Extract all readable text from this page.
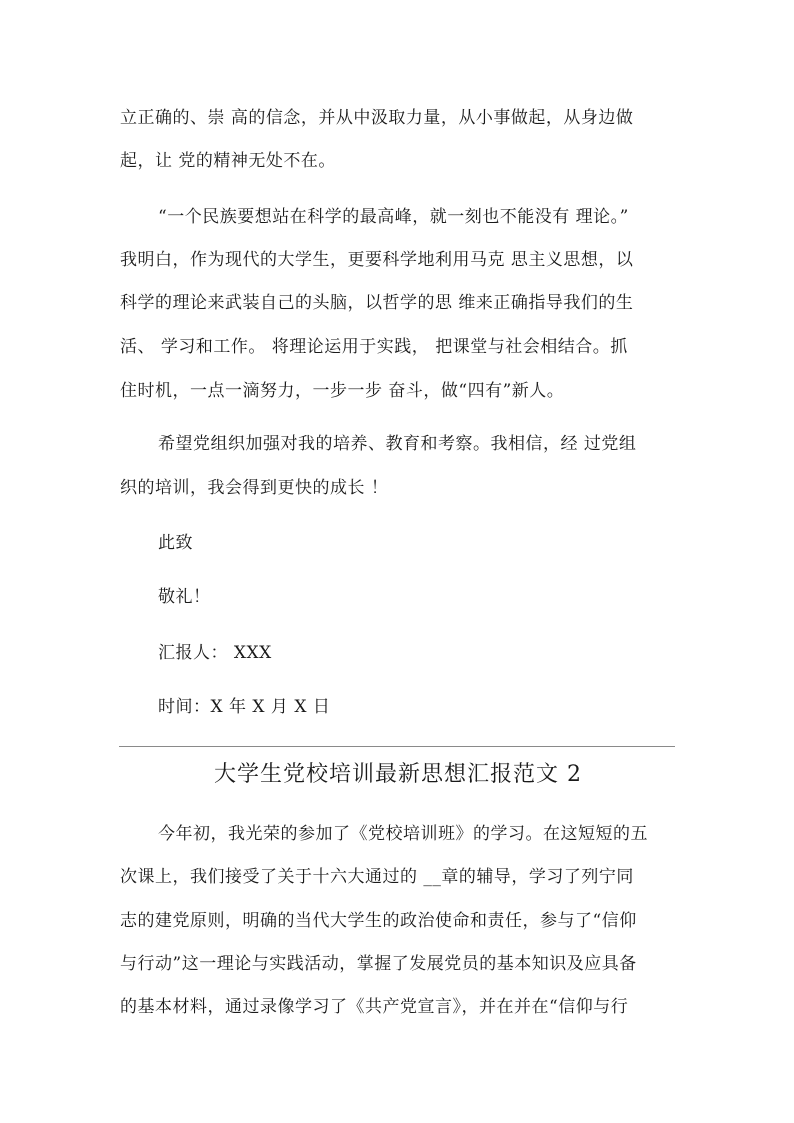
立正确的、崇 高的信念，并从中汲取力量，从小事做起，从身边做
起，让 党的精神无处不在。
“一个民族要想站在科学的最高峰，就一刻也不能没有 理论。”
我明白，作为现代的大学生，更要科学地利用马克 思主义思想，以
科学的理论来武装自己的头脑，以哲学的思 维来正确指导我们的生
活、 学习和工作。 将理论运用于实践， 把课堂与社会相结合。抓
住时机，一点一滴努力，一步一步 奋斗，做“四有”新人。
希望党组织加强对我的培养、教育和考察。我相信，经 过党组
织的培训，我会得到更快的成长 ！
此致
敬礼！
汇报人： XXX
时间：X 年 X 月 X 日
大学生党校培训最新思想汇报范文 2
今年初，我光荣的参加了《党校培训班》的学习。在这短短的五
次课上，我们接受了关于十六大通过的 __章的辅导，学习了列宁同
志的建党原则，明确的当代大学生的政治使命和责任，参与了“信仰
与行动”这一理论与实践活动，掌握了发展党员的基本知识及应具备
的基本材料，通过录像学习了《共产党宣言》，并在并在“信仰与行
